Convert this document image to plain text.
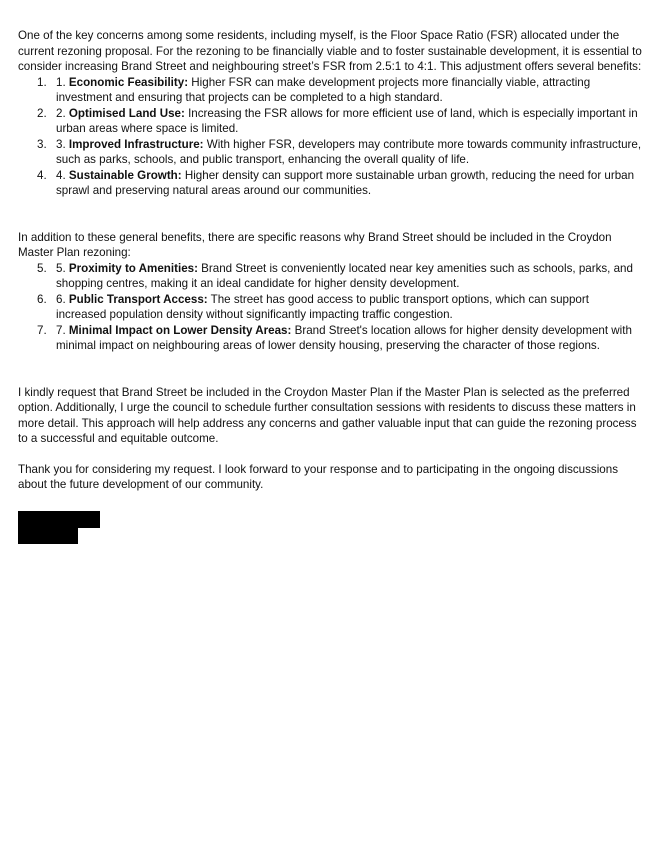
One of the key concerns among some residents, including myself, is the Floor Space Ratio (FSR) allocated under the current rezoning proposal. For the rezoning to be financially viable and to foster sustainable development, it is essential to consider increasing Brand Street and neighbouring street’s FSR from 2.5:1 to 4:1. This adjustment offers several benefits:

1. 1. Economic Feasibility: Higher FSR can make development projects more financially viable, attracting investment and ensuring that projects can be completed to a high standard.
2. 2. Optimised Land Use: Increasing the FSR allows for more efficient use of land, which is especially important in urban areas where space is limited.
3. 3. Improved Infrastructure: With higher FSR, developers may contribute more towards community infrastructure, such as parks, schools, and public transport, enhancing the overall quality of life.
4. 4. Sustainable Growth: Higher density can support more sustainable urban growth, reducing the need for urban sprawl and preserving natural areas around our communities.

In addition to these general benefits, there are specific reasons why Brand Street should be included in the Croydon Master Plan rezoning:

5. 5. Proximity to Amenities: Brand Street is conveniently located near key amenities such as schools, parks, and shopping centres, making it an ideal candidate for higher density development.
6. 6. Public Transport Access: The street has good access to public transport options, which can support increased population density without significantly impacting traffic congestion.
7. 7. Minimal Impact on Lower Density Areas: Brand Street's location allows for higher density development with minimal impact on neighbouring areas of lower density housing, preserving the character of those regions.

I kindly request that Brand Street be included in the Croydon Master Plan if the Master Plan is selected as the preferred option. Additionally, I urge the council to schedule further consultation sessions with residents to discuss these matters in more detail. This approach will help address any concerns and gather valuable input that can guide the rezoning process to a successful and equitable outcome.

Thank you for considering my request. I look forward to your response and to participating in the ongoing discussions about the future development of our community.
